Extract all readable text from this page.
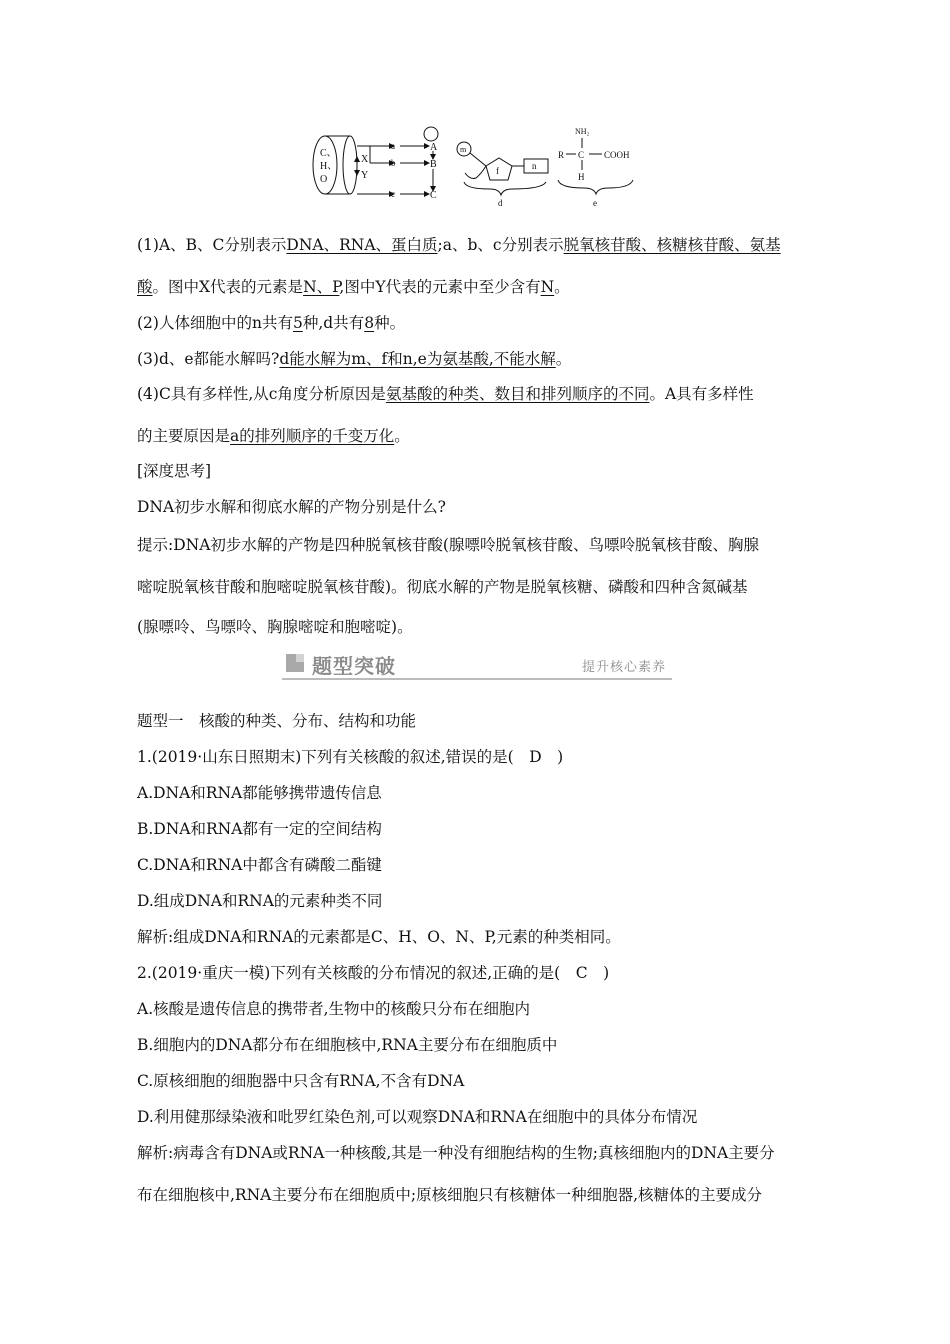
C、
H、
O
X
Y
a
b
c
A
B
C
m
f	n
d
NH₂
R C COOH
H
e
(1)A、B、C分别表示DNA、RNA、蛋白质;a、b、c分别表示脱氧核苷酸、核糖核苷酸、氨基
酸。图中X代表的元素是N、P,图中Y代表的元素中至少含有N。
(2)人体细胞中的n共有5种,d共有8种。
(3)d、e都能水解吗?d能水解为m、f和n,e为氨基酸,不能水解。
(4)C具有多样性,从c角度分析原因是氨基酸的种类、数目和排列顺序的不同。A具有多样性
的主要原因是a的排列顺序的千变万化。
[深度思考]
DNA初步水解和彻底水解的产物分别是什么?
提示:DNA初步水解的产物是四种脱氧核苷酸(腺嘌呤脱氧核苷酸、鸟嘌呤脱氧核苷酸、胸腺
嘧啶脱氧核苷酸和胞嘧啶脱氧核苷酸)。彻底水解的产物是脱氧核糖、磷酸和四种含氮碱基
(腺嘌呤、鸟嘌呤、胸腺嘧啶和胞嘧啶)。
题型突破	提升核心素养
题型一　核酸的种类、分布、结构和功能
1.(2019·山东日照期末)下列有关核酸的叙述,错误的是(　D　)
A.DNA和RNA都能够携带遗传信息
B.DNA和RNA都有一定的空间结构
C.DNA和RNA中都含有磷酸二酯键
D.组成DNA和RNA的元素种类不同
解析:组成DNA和RNA的元素都是C、H、O、N、P,元素的种类相同。
2.(2019·重庆一模)下列有关核酸的分布情况的叙述,正确的是(　C　)
A.核酸是遗传信息的携带者,生物中的核酸只分布在细胞内
B.细胞内的DNA都分布在细胞核中,RNA主要分布在细胞质中
C.原核细胞的细胞器中只含有RNA,不含有DNA
D.利用健那绿染液和吡罗红染色剂,可以观察DNA和RNA在细胞中的具体分布情况
解析:病毒含有DNA或RNA一种核酸,其是一种没有细胞结构的生物;真核细胞内的DNA主要分
布在细胞核中,RNA主要分布在细胞质中;原核细胞只有核糖体一种细胞器,核糖体的主要成分
